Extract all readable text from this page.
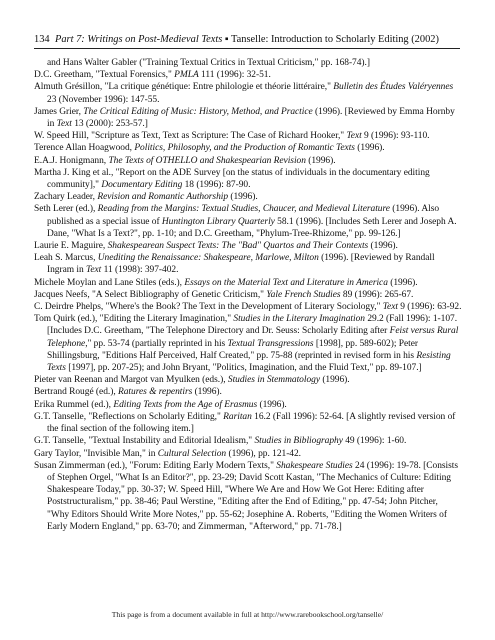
134 Part 7: Writings on Post-Medieval Texts ▪ Tanselle: Introduction to Scholarly Editing (2002)
and Hans Walter Gabler ("Training Textual Critics in Textual Criticism," pp. 168-74).]
D.C. Greetham, "Textual Forensics," PMLA 111 (1996): 32-51.
Almuth Grésillon, "La critique génétique: Entre philologie et théorie littéraire," Bulletin des Études Valéryennes 23 (November 1996): 147-55.
James Grier, The Critical Editing of Music: History, Method, and Practice (1996). [Reviewed by Emma Hornby in Text 13 (2000): 253-57.]
W. Speed Hill, "Scripture as Text, Text as Scripture: The Case of Richard Hooker," Text 9 (1996): 93-110.
Terence Allan Hoagwood, Politics, Philosophy, and the Production of Romantic Texts (1996).
E.A.J. Honigmann, The Texts of OTHELLO and Shakespearian Revision (1996).
Martha J. King et al., "Report on the ADE Survey [on the status of individuals in the documentary editing community]," Documentary Editing 18 (1996): 87-90.
Zachary Leader, Revision and Romantic Authorship (1996).
Seth Lerer (ed.), Reading from the Margins: Textual Studies, Chaucer, and Medieval Literature (1996). Also published as a special issue of Huntington Library Quarterly 58.1 (1996). [Includes Seth Lerer and Joseph A. Dane, "What Is a Text?", pp. 1-10; and D.C. Greetham, "Phylum-Tree-Rhizome," pp. 99-126.]
Laurie E. Maguire, Shakespearean Suspect Texts: The "Bad" Quartos and Their Contexts (1996).
Leah S. Marcus, Unediting the Renaissance: Shakespeare, Marlowe, Milton (1996). [Reviewed by Randall Ingram in Text 11 (1998): 397-402.
Michele Moylan and Lane Stiles (eds.), Essays on the Material Text and Literature in America (1996).
Jacques Neefs, "A Select Bibliography of Genetic Criticism," Yale French Studies 89 (1996): 265-67.
C. Deirdre Phelps, "Where's the Book? The Text in the Development of Literary Sociology," Text 9 (1996): 63-92.
Tom Quirk (ed.), "Editing the Literary Imagination," Studies in the Literary Imagination 29.2 (Fall 1996): 1-107. [Includes D.C. Greetham, "The Telephone Directory and Dr. Seuss: Scholarly Editing after Feist versus Rural Telephone," pp. 53-74 (partially reprinted in his Textual Transgressions [1998], pp. 589-602); Peter Shillingsburg, "Editions Half Perceived, Half Created," pp. 75-88 (reprinted in revised form in his Resisting Texts [1997], pp. 207-25); and John Bryant, "Politics, Imagination, and the Fluid Text," pp. 89-107.]
Pieter van Reenan and Margot van Myulken (eds.), Studies in Stemmatology (1996).
Bertrand Rougé (ed.), Ratures & repentirs (1996).
Erika Rummel (ed.), Editing Texts from the Age of Erasmus (1996).
G.T. Tanselle, "Reflections on Scholarly Editing," Raritan 16.2 (Fall 1996): 52-64. [A slightly revised version of the final section of the following item.]
G.T. Tanselle, "Textual Instability and Editorial Idealism," Studies in Bibliography 49 (1996): 1-60.
Gary Taylor, "Invisible Man," in Cultural Selection (1996), pp. 121-42.
Susan Zimmerman (ed.), "Forum: Editing Early Modern Texts," Shakespeare Studies 24 (1996): 19-78. [Consists of Stephen Orgel, "What Is an Editor?", pp. 23-29; David Scott Kastan, "The Mechanics of Culture: Editing Shakespeare Today," pp. 30-37; W. Speed Hill, "Where We Are and How We Got Here: Editing after Poststructuralism," pp. 38-46; Paul Werstine, "Editing after the End of Editing," pp. 47-54; John Pitcher, "Why Editors Should Write More Notes," pp. 55-62; Josephine A. Roberts, "Editing the Women Writers of Early Modern England," pp. 63-70; and Zimmerman, "Afterword," pp. 71-78.]
This page is from a document available in full at http://www.rarebookschool.org/tanselle/
